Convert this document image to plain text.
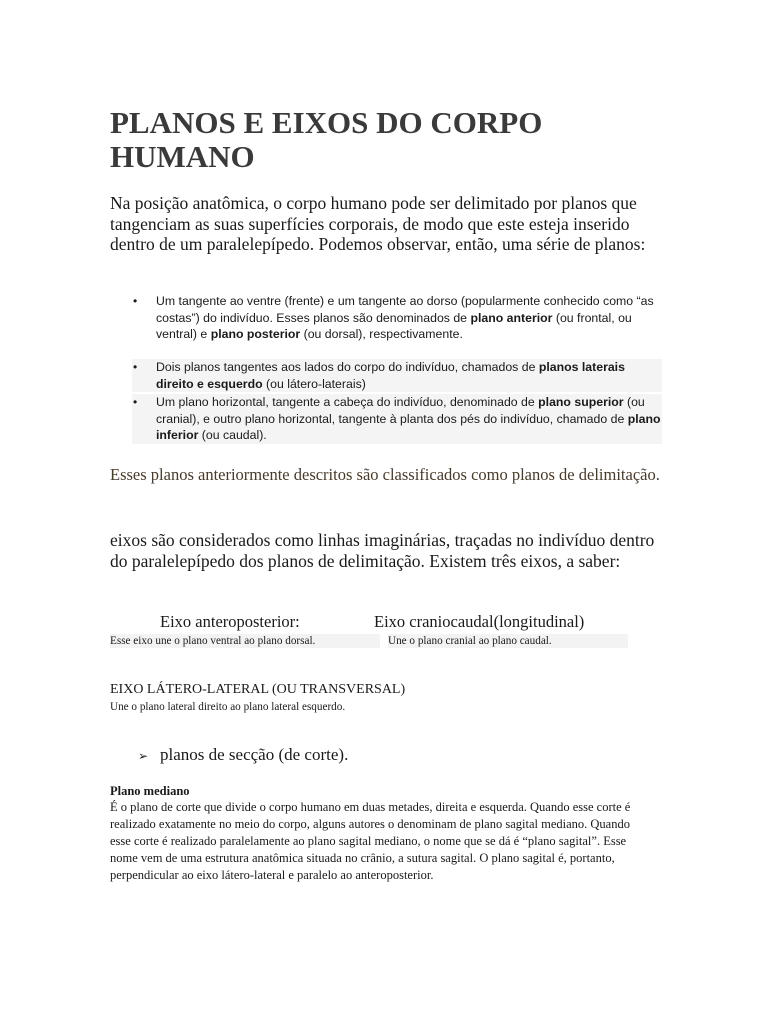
PLANOS E EIXOS DO CORPO HUMANO

Na posição anatômica, o corpo humano pode ser delimitado por planos que tangenciam as suas superfícies corporais, de modo que este esteja inserido dentro de um paralelepípedo. Podemos observar, então, uma série de planos:

• Um tangente ao ventre (frente) e um tangente ao dorso (popularmente conhecido como “as costas”) do indivíduo. Esses planos são denominados de plano anterior (ou frontal, ou ventral) e plano posterior (ou dorsal), respectivamente.
• Dois planos tangentes aos lados do corpo do indivíduo, chamados de planos laterais direito e esquerdo (ou látero-laterais)
• Um plano horizontal, tangente a cabeça do indivíduo, denominado de plano superior (ou cranial), e outro plano horizontal, tangente à planta dos pés do indivíduo, chamado de plano inferior (ou caudal).

Esses planos anteriormente descritos são classificados como planos de delimitação.

eixos são considerados como linhas imaginárias, traçadas no indivíduo dentro do paralelepípedo dos planos de delimitação. Existem três eixos, a saber:

Eixo anteroposterior:	Eixo craniocaudal(longitudinal)
Esse eixo une o plano ventral ao plano dorsal.	Une o plano cranial ao plano caudal.
EIXO LÁTERO-LATERAL (OU TRANSVERSAL)
Une o plano lateral direito ao plano lateral esquerdo.
➢ planos de secção (de corte).
Plano mediano

É o plano de corte que divide o corpo humano em duas metades, direita e esquerda. Quando esse corte é realizado exatamente no meio do corpo, alguns autores o denominam de plano sagital mediano. Quando esse corte é realizado paralelamente ao plano sagital mediano, o nome que se dá é “plano sagital”. Esse nome vem de uma estrutura anatômica situada no crânio, a sutura sagital. O plano sagital é, portanto, perpendicular ao eixo látero-lateral e paralelo ao anteroposterior.
